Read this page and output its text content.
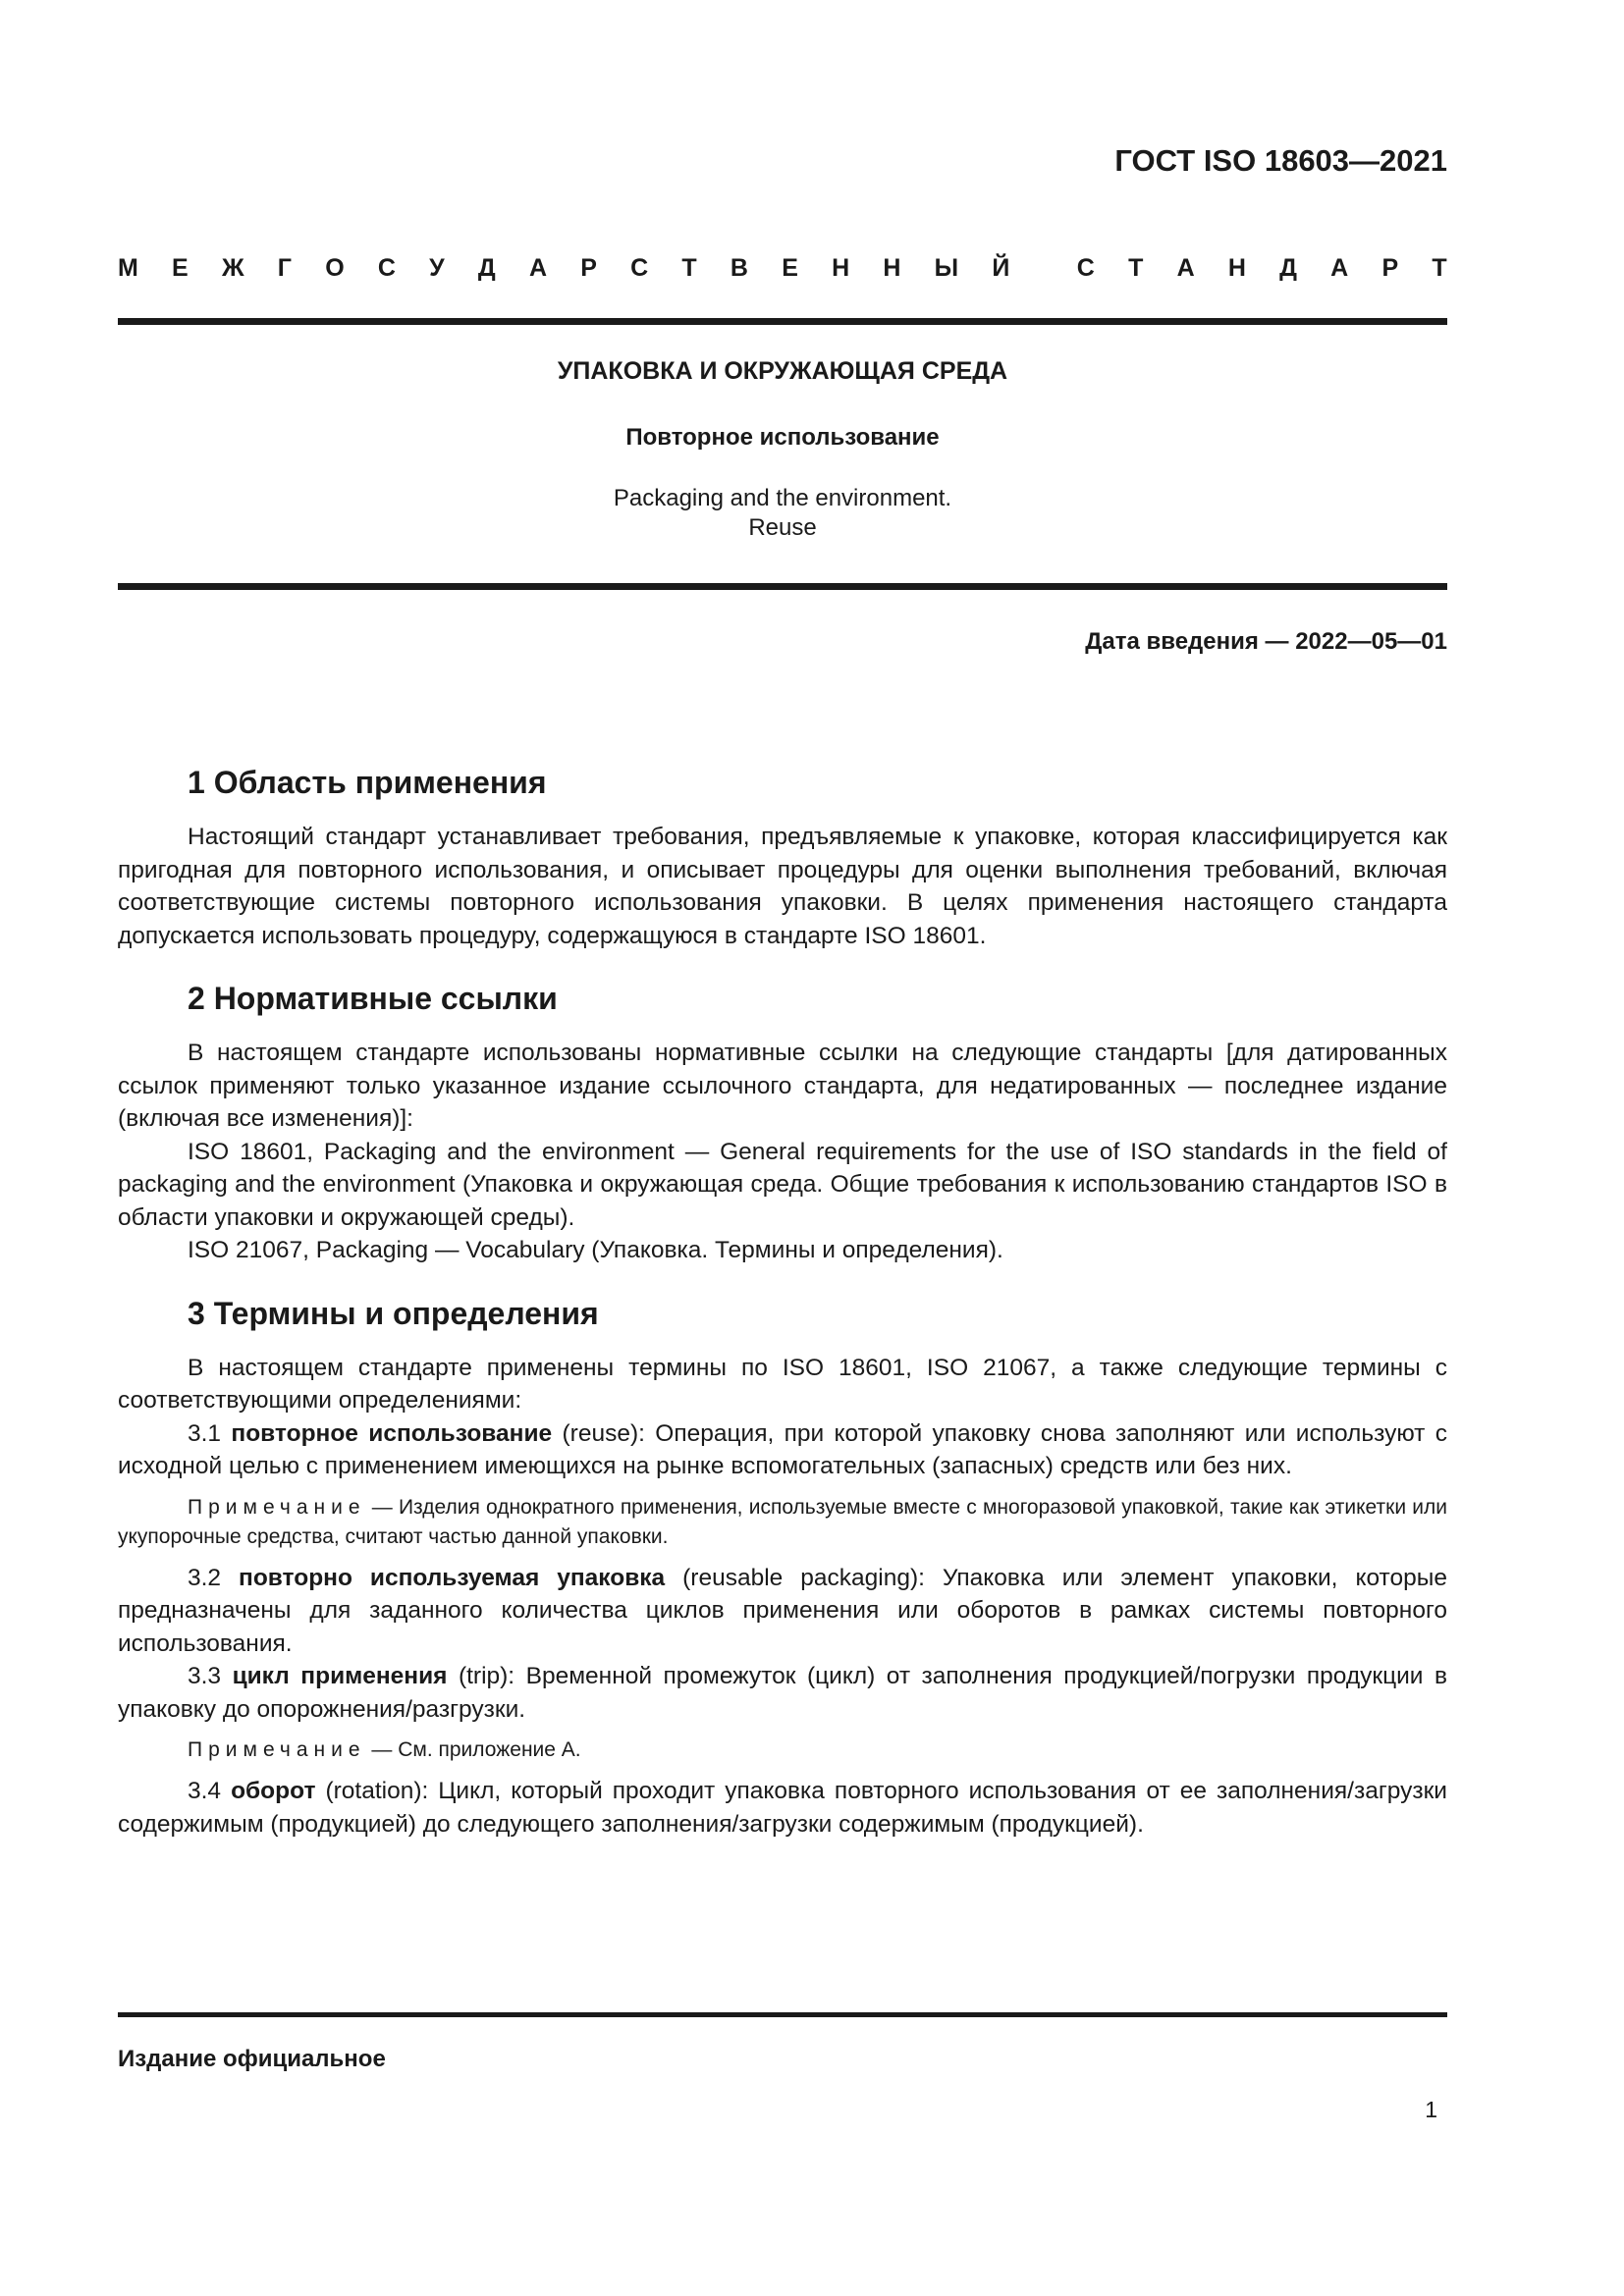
ГОСТ ISO 18603—2021
М Е Ж Г О С У Д А Р С Т В Е Н Н Ы Й	С Т А Н Д А Р Т
УПАКОВКА И ОКРУЖАЮЩАЯ СРЕДА
Повторное использование
Packaging and the environment.
Reuse
Дата введения — 2022—05—01
1 Область применения

Настоящий стандарт устанавливает требования, предъявляемые к упаковке, которая классифицируется как пригодная для повторного использования, и описывает процедуры для оценки выполнения требований, включая соответствующие системы повторного использования упаковки. В целях применения настоящего стандарта допускается использовать процедуру, содержащуюся в стандарте ISO 18601.

2 Нормативные ссылки

В настоящем стандарте использованы нормативные ссылки на следующие стандарты [для датированных ссылок применяют только указанное издание ссылочного стандарта, для недатированных — последнее издание (включая все изменения)]:

ISO 18601, Packaging and the environment — General requirements for the use of ISO standards in the field of packaging and the environment (Упаковка и окружающая среда. Общие требования к использованию стандартов ISO в области упаковки и окружающей среды).

ISO 21067, Packaging — Vocabulary (Упаковка. Термины и определения).

3 Термины и определения

В настоящем стандарте применены термины по ISO 18601, ISO 21067, а также следующие термины с соответствующими определениями:

3.1 повторное использование (reuse): Операция, при которой упаковку снова заполняют или используют с исходной целью с применением имеющихся на рынке вспомогательных (запасных) средств или без них.

Примечание — Изделия однократного применения, используемые вместе с многоразовой упаковкой, такие как этикетки или укупорочные средства, считают частью данной упаковки.

3.2 повторно используемая упаковка (reusable packaging): Упаковка или элемент упаковки, которые предназначены для заданного количества циклов применения или оборотов в рамках системы повторного использования.

3.3 цикл применения (trip): Временной промежуток (цикл) от заполнения продукцией/погрузки продукции в упаковку до опорожнения/разгрузки.

Примечание — См. приложение А.

3.4 оборот (rotation): Цикл, который проходит упаковка повторного использования от ее заполнения/загрузки содержимым (продукцией) до следующего заполнения/загрузки содержимым (продукцией).

Издание официальное
1
